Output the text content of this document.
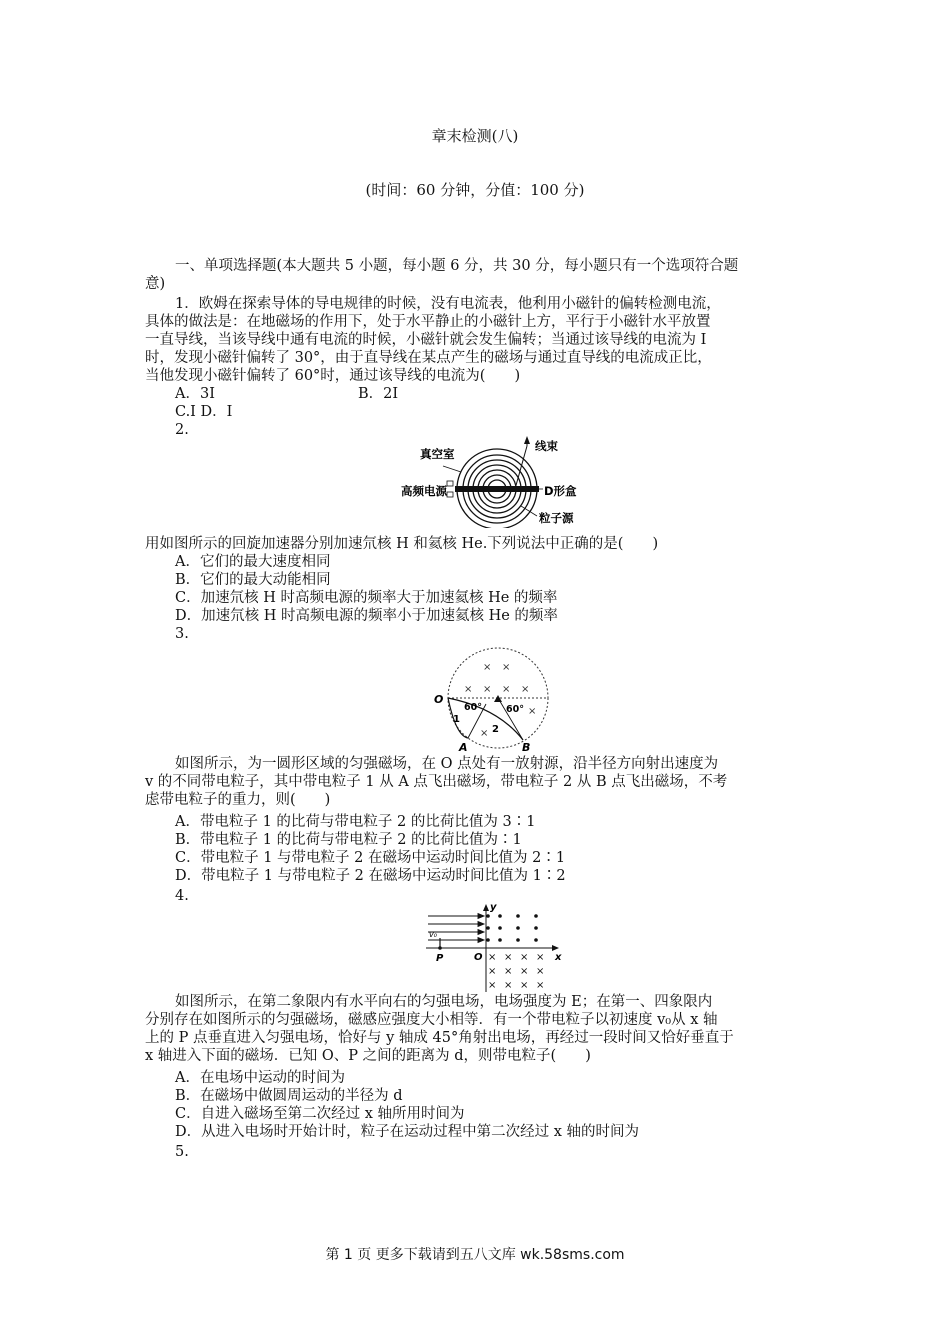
章末检测(八)
(时间：60 分钟，分值：100 分)
一、单项选择题(本大题共 5 小题，每小题 6 分，共 30 分，每小题只有一个选项符合题
意)
1．欧姆在探索导体的导电规律的时候，没有电流表，他利用小磁针的偏转检测电流，
具体的做法是：在地磁场的作用下，处于水平静止的小磁针上方，平行于小磁针水平放置
一直导线，当该导线中通有电流的时候，小磁针就会发生偏转；当通过该导线的电流为 I
时，发现小磁针偏转了 30°，由于直导线在某点产生的磁场与通过直导线的电流成正比，
当他发现小磁针偏转了 60°时，通过该导线的电流为(　　)
A．3I	B．2I
C.I D．I
2.
真空室
线束
高频电源	D形盒
粒子源
用如图所示的回旋加速器分别加速氘核 H 和氦核 He.下列说法中正确的是(　　)
A．它们的最大速度相同
B．它们的最大动能相同
C．加速氘核 H 时高频电源的频率大于加速氦核 He 的频率
D．加速氘核 H 时高频电源的频率小于加速氦核 He 的频率
3.
× ×
× × × ×
×
×
O
A	B
1
2
60°	60°
如图所示，为一圆形区域的匀强磁场，在 O 点处有一放射源，沿半径方向射出速度为
v 的不同带电粒子，其中带电粒子 1 从 A 点飞出磁场，带电粒子 2 从 B 点飞出磁场，不考
虑带电粒子的重力，则(　　)
A．带电粒子 1 的比荷与带电粒子 2 的比荷比值为 3∶1
B．带电粒子 1 的比荷与带电粒子 2 的比荷比值为∶1
C．带电粒子 1 与带电粒子 2 在磁场中运动时间比值为 2∶1
D．带电粒子 1 与带电粒子 2 在磁场中运动时间比值为 1∶2
4.
× × × ×
× × × ×
× × × ×
y
x
O
P
v₀
如图所示，在第二象限内有水平向右的匀强电场，电场强度为 E；在第一、四象限内
分别存在如图所示的匀强磁场，磁感应强度大小相等．有一个带电粒子以初速度 v₀从 x 轴
上的 P 点垂直进入匀强电场，恰好与 y 轴成 45°角射出电场，再经过一段时间又恰好垂直于
x 轴进入下面的磁场．已知 O、P 之间的距离为 d，则带电粒子(　　)
A．在电场中运动的时间为
B．在磁场中做圆周运动的半径为 d
C．自进入磁场至第二次经过 x 轴所用时间为
D．从进入电场时开始计时，粒子在运动过程中第二次经过 x 轴的时间为
5.
第 1 页 更多下载请到五八文库 wk.58sms.com
